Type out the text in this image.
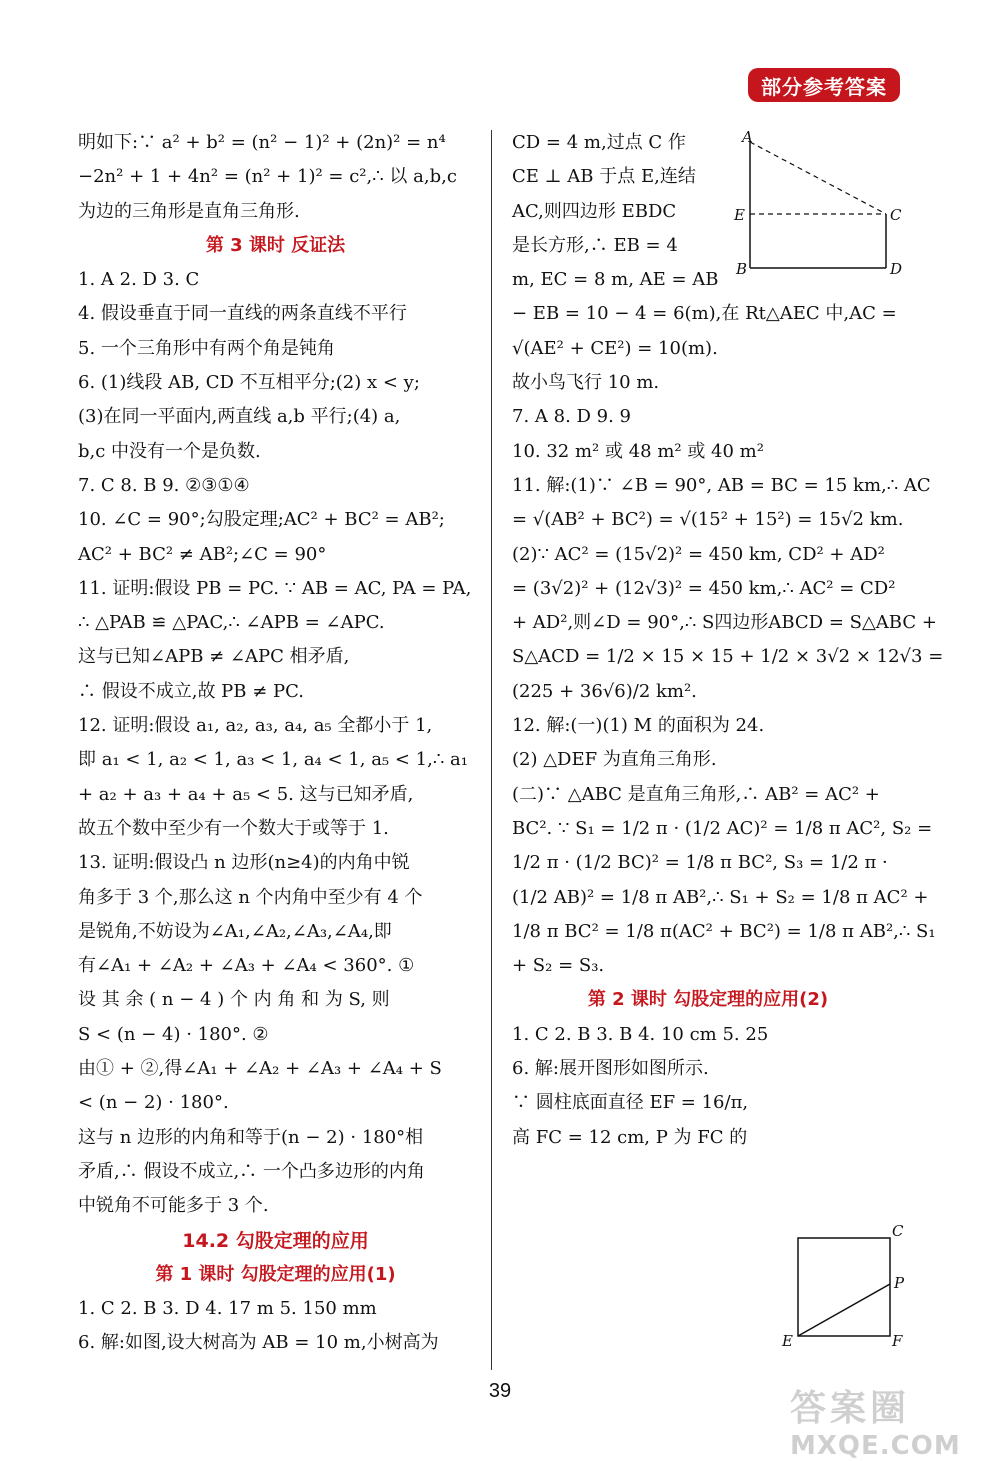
部分参考答案
明如下:∵ a² + b² = (n² − 1)² + (2n)² = n⁴
−2n² + 1 + 4n² = (n² + 1)² = c²,∴ 以 a,b,c
为边的三角形是直角三角形.
第 3 课时 反证法
1. A 2. D 3. C
4. 假设垂直于同一直线的两条直线不平行
5. 一个三角形中有两个角是钝角
6. (1)线段 AB, CD 不互相平分;(2) x < y;
(3)在同一平面内,两直线 a,b 平行;(4) a,
b,c 中没有一个是负数.
7. C 8. B 9. ②③①④
10. ∠C = 90°;勾股定理;AC² + BC² = AB²;
AC² + BC² ≠ AB²;∠C = 90°
11. 证明:假设 PB = PC. ∵ AB = AC, PA = PA,
∴ △PAB ≌ △PAC,∴ ∠APB = ∠APC.
这与已知∠APB ≠ ∠APC 相矛盾,
∴ 假设不成立,故 PB ≠ PC.
12. 证明:假设 a₁, a₂, a₃, a₄, a₅ 全都小于 1,
即 a₁ < 1, a₂ < 1, a₃ < 1, a₄ < 1, a₅ < 1,∴ a₁
+ a₂ + a₃ + a₄ + a₅ < 5. 这与已知矛盾,
故五个数中至少有一个数大于或等于 1.
13. 证明:假设凸 n 边形(n≥4)的内角中锐
角多于 3 个,那么这 n 个内角中至少有 4 个
是锐角,不妨设为∠A₁,∠A₂,∠A₃,∠A₄,即
有∠A₁ + ∠A₂ + ∠A₃ + ∠A₄ < 360°. ①
设 其 余 ( n − 4 ) 个 内 角 和 为 S, 则
S < (n − 4) · 180°. ②
由① + ②,得∠A₁ + ∠A₂ + ∠A₃ + ∠A₄ + S
< (n − 2) · 180°.
这与 n 边形的内角和等于(n − 2) · 180°相
矛盾,∴ 假设不成立,∴ 一个凸多边形的内角
中锐角不可能多于 3 个.
14.2 勾股定理的应用
第 1 课时 勾股定理的应用(1)
1. C 2. B 3. D 4. 17 m 5. 150 mm
6. 解:如图,设大树高为 AB = 10 m,小树高为
CD = 4 m,过点 C 作
CE ⊥ AB 于点 E,连结
AC,则四边形 EBDC
是长方形,∴ EB = 4
m, EC = 8 m, AE = AB
− EB = 10 − 4 = 6(m),在 Rt△AEC 中,AC =
√(AE² + CE²) = 10(m).
故小鸟飞行 10 m.
7. A 8. D 9. 9
10. 32 m² 或 48 m² 或 40 m²
11. 解:(1)∵ ∠B = 90°, AB = BC = 15 km,∴ AC
= √(AB² + BC²) = √(15² + 15²) = 15√2 km.
(2)∵ AC² = (15√2)² = 450 km, CD² + AD²
= (3√2)² + (12√3)² = 450 km,∴ AC² = CD²
+ AD²,则∠D = 90°,∴ S四边形ABCD = S△ABC +
S△ACD = 1/2 × 15 × 15 + 1/2 × 3√2 × 12√3 =
(225 + 36√6)/2 km².
12. 解:(一)(1) M 的面积为 24.
(2) △DEF 为直角三角形.
(二)∵ △ABC 是直角三角形,∴ AB² = AC² +
BC². ∵ S₁ = 1/2 π · (1/2 AC)² = 1/8 π AC², S₂ =
1/2 π · (1/2 BC)² = 1/8 π BC², S₃ = 1/2 π ·
(1/2 AB)² = 1/8 π AB²,∴ S₁ + S₂ = 1/8 π AC² +
1/8 π BC² = 1/8 π(AC² + BC²) = 1/8 π AB²,∴ S₁
+ S₂ = S₃.
第 2 课时 勾股定理的应用(2)
1. C 2. B 3. B 4. 10 cm 5. 25
6. 解:展开图形如图所示.
∵ 圆柱底面直径 EF = 16/π,
高 FC = 12 cm, P 为 FC 的
A
E	C
B	D
C
P
E	F
39	答案圈
MXQE.COM
